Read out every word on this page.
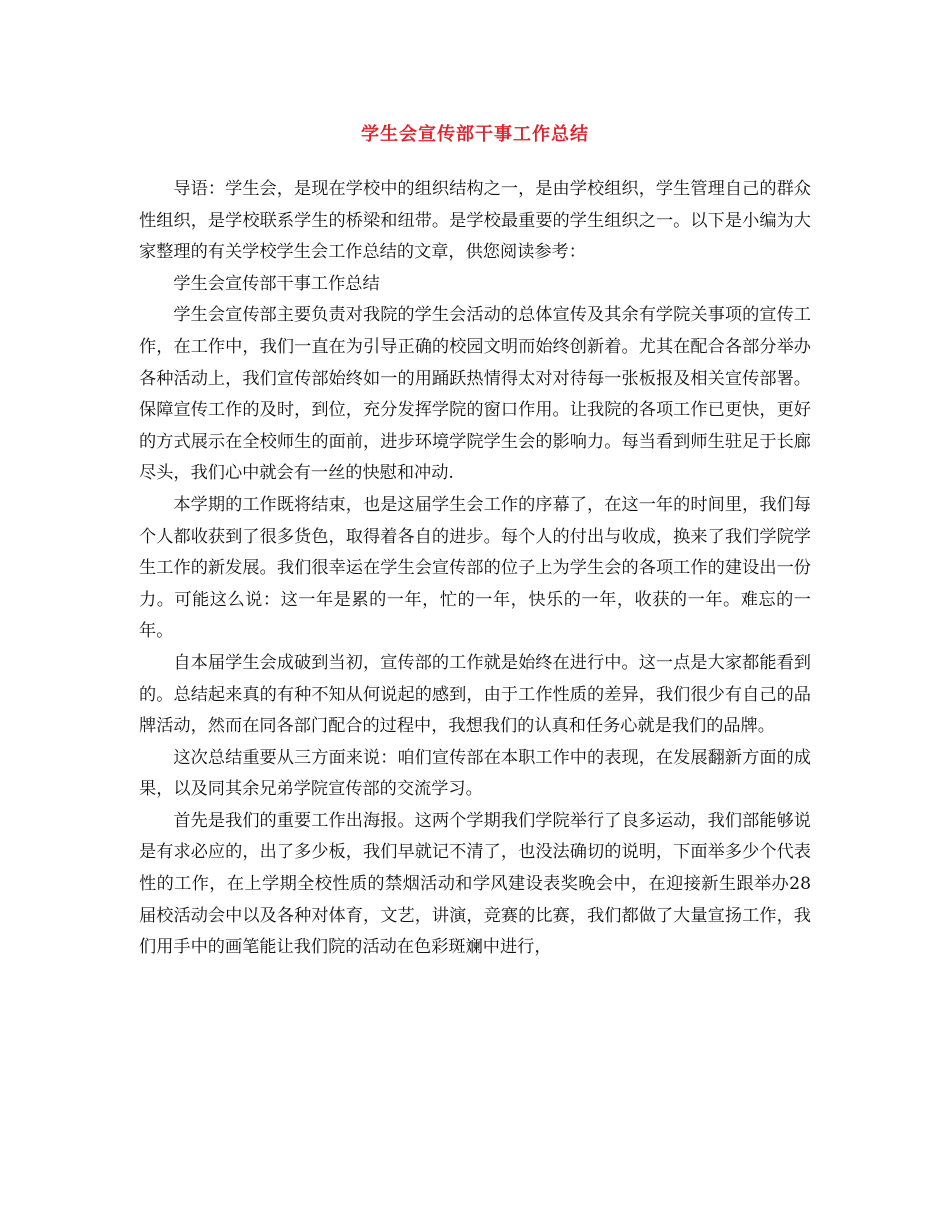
学生会宣传部干事工作总结

导语：学生会，是现在学校中的组织结构之一，是由学校组织，学生管理自己的群众性组织，是学校联系学生的桥梁和纽带。是学校最重要的学生组织之一。以下是小编为大家整理的有关学校学生会工作总结的文章，供您阅读参考：

学生会宣传部干事工作总结

学生会宣传部主要负责对我院的学生会活动的总体宣传及其余有学院关事项的宣传工作，在工作中，我们一直在为引导正确的校园文明而始终创新着。尤其在配合各部分举办各种活动上，我们宣传部始终如一的用踊跃热情得太对对待每一张板报及相关宣传部署。保障宣传工作的及时，到位，充分发挥学院的窗口作用。让我院的各项工作已更快，更好的方式展示在全校师生的面前，进步环境学院学生会的影响力。每当看到师生驻足于长廊尽头，我们心中就会有一丝的快慰和冲动.

本学期的工作既将结束，也是这届学生会工作的序幕了，在这一年的时间里，我们每个人都收获到了很多货色，取得着各自的进步。每个人的付出与收成，换来了我们学院学生工作的新发展。我们很幸运在学生会宣传部的位子上为学生会的各项工作的建设出一份力。可能这么说：这一年是累的一年，忙的一年，快乐的一年，收获的一年。难忘的一年。

自本届学生会成破到当初，宣传部的工作就是始终在进行中。这一点是大家都能看到的。总结起来真的有种不知从何说起的感到，由于工作性质的差异，我们很少有自己的品牌活动，然而在同各部门配合的过程中，我想我们的认真和任务心就是我们的品牌。

这次总结重要从三方面来说：咱们宣传部在本职工作中的表现，在发展翻新方面的成果，以及同其余兄弟学院宣传部的交流学习。

首先是我们的重要工作出海报。这两个学期我们学院举行了良多运动，我们部能够说是有求必应的，出了多少板，我们早就记不清了，也没法确切的说明，下面举多少个代表性的工作，在上学期全校性质的禁烟活动和学风建设表奖晚会中，在迎接新生跟举办28届校活动会中以及各种对体育，文艺，讲演，竞赛的比赛，我们都做了大量宣扬工作，我们用手中的画笔能让我们院的活动在色彩斑斓中进行，
